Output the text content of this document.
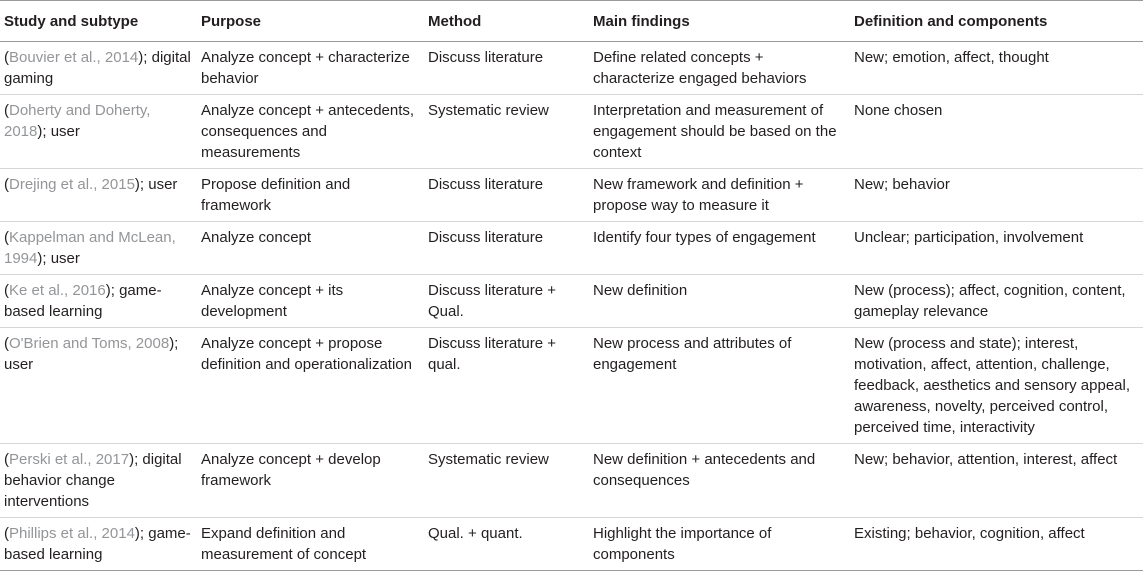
Study and subtype	Purpose	Method	Main findings	Definition and components
(Bouvier et al., 2014); digital gaming	Analyze concept + characterize behavior	Discuss literature	Define related concepts + characterize engaged behaviors	New; emotion, affect, thought
(Doherty and Doherty, 2018); user	Analyze concept + antecedents, consequences and measurements	Systematic review	Interpretation and measurement of engagement should be based on the context	None chosen
(Drejing et al., 2015); user	Propose definition and framework	Discuss literature	New framework and definition + propose way to measure it	New; behavior
(Kappelman and McLean, 1994); user	Analyze concept	Discuss literature	Identify four types of engagement	Unclear; participation, involvement
(Ke et al., 2016); game-based learning	Analyze concept + its development	Discuss literature + Qual.	New definition	New (process); affect, cognition, content, gameplay relevance
(O'Brien and Toms, 2008); user	Analyze concept + propose definition and operationalization	Discuss literature + qual.	New process and attributes of engagement	New (process and state); interest, motivation, affect, attention, challenge, feedback, aesthetics and sensory appeal, awareness, novelty, perceived control, perceived time, interactivity
(Perski et al., 2017); digital behavior change interventions	Analyze concept + develop framework	Systematic review	New definition + antecedents and consequences	New; behavior, attention, interest, affect
(Phillips et al., 2014); game-based learning	Expand definition and measurement of concept	Qual. + quant.	Highlight the importance of components	Existing; behavior, cognition, affect
